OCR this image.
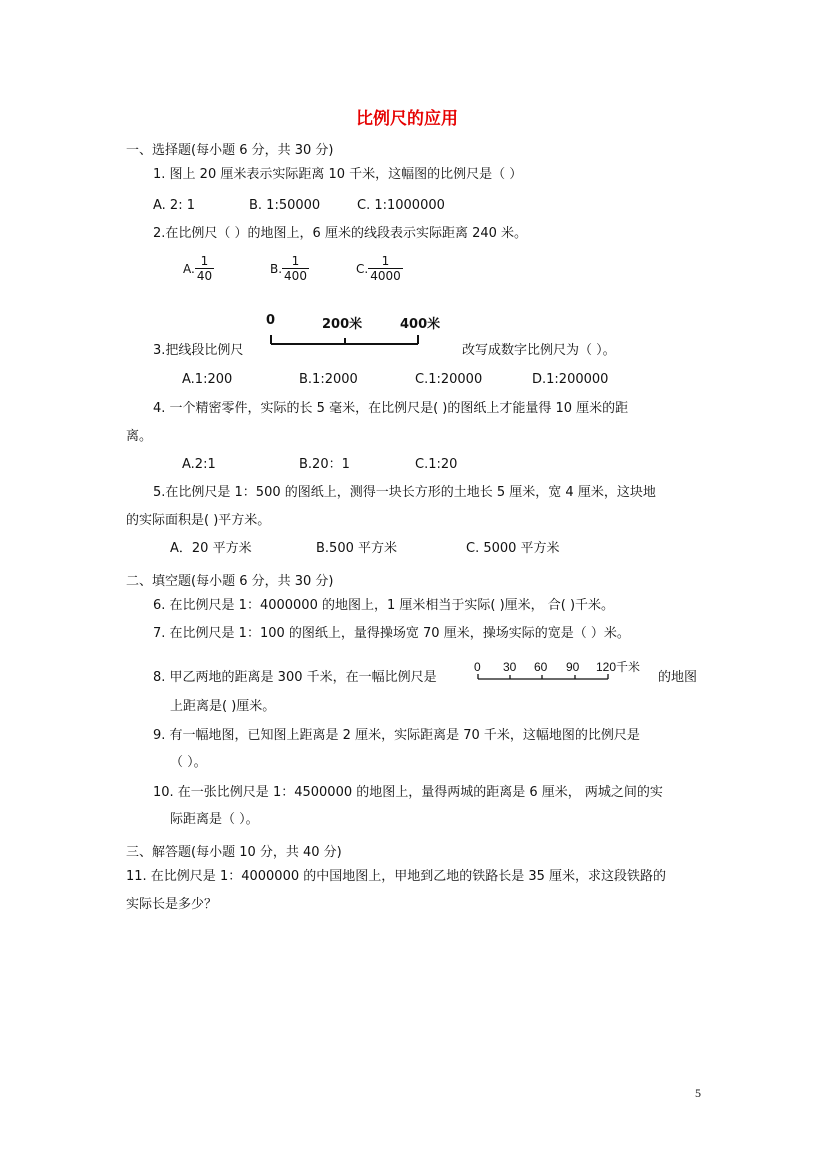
比例尺的应用
一、选择题(每小题 6 分，共 30 分)
1. 图上 20 厘米表示实际距离 10 千米，这幅图的比例尺是（ ）
A. 2: 1	B. 1:50000	C. 1:1000000
2.在比例尺（ ）的地图上，6 厘米的线段表示实际距离 240 米。
A. $\frac{1}{40}$	B. $\frac{1}{400}$	C. $\frac{1}{4000}$
0	200米	400米
3.把线段比例尺	改写成数字比例尺为（ ）。
A.1:200	B.1:2000	C.1:20000	D.1:200000
4. 一个精密零件，实际的长 5 毫米，在比例尺是( )的图纸上才能量得 10 厘米的距
离。
A.2:1	B.20：1	C.1:20
5.在比例尺是 1：500 的图纸上，测得一块长方形的土地长 5 厘米，宽 4 厘米，这块地
的实际面积是( )平方米。
A．20 平方米	B.500 平方米	C. 5000 平方米
二、填空题(每小题 6 分，共 30 分)
6. 在比例尺是 1：4000000 的地图上，1 厘米相当于实际( )厘米， 合( )千米。
7. 在比例尺是 1：100 的图纸上，量得操场宽 70 厘米，操场实际的宽是（ ）米。
0 30 60 90 120千米
8. 甲乙两地的距离是 300 千米，在一幅比例尺是	的地图
上距离是( )厘米。
9. 有一幅地图，已知图上距离是 2 厘米，实际距离是 70 千米，这幅地图的比例尺是
（ ）。
10. 在一张比例尺是 1：4500000 的地图上，量得两城的距离是 6 厘米， 两城之间的实
际距离是（ ）。
三、解答题(每小题 10 分，共 40 分)
11. 在比例尺是 1：4000000 的中国地图上，甲地到乙地的铁路长是 35 厘米，求这段铁路的
实际长是多少？
5
